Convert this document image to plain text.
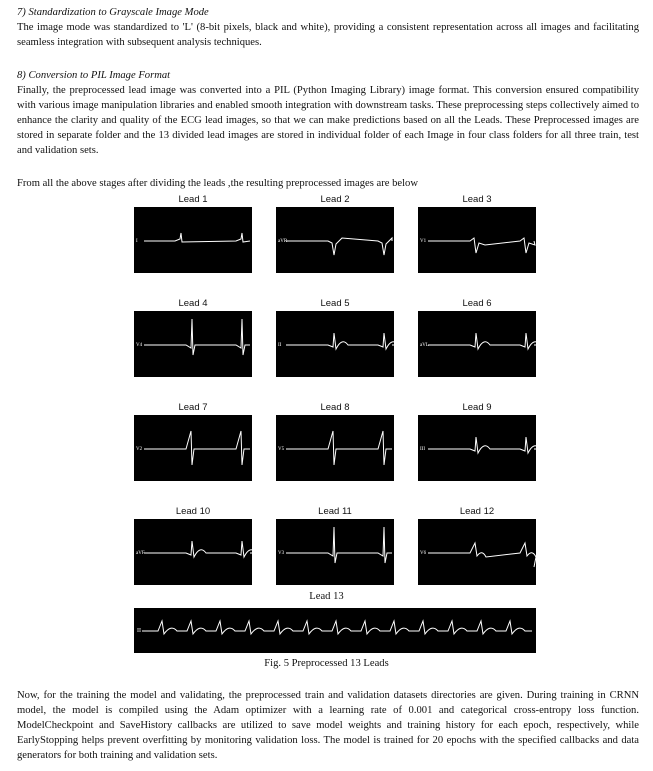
7) Standardization to Grayscale Image Mode
The image mode was standardized to 'L' (8-bit pixels, black and white), providing a consistent representation across all images and facilitating seamless integration with subsequent analysis techniques.
8) Conversion to PIL Image Format
Finally, the preprocessed lead image was converted into a PIL (Python Imaging Library) image format. This conversion ensured compatibility with various image manipulation libraries and enabled smooth integration with downstream tasks. These preprocessing steps collectively aimed to enhance the clarity and quality of the ECG lead images, so that we can make predictions based on all the Leads. These Preprocessed images are stored in separate folder and the 13 divided lead images are stored in individual folder of each Image in four class folders for all three train, test and validation sets.
From all the above stages after dividing the leads ,the resulting preprocessed images are below
Lead 1
I
Lead 2
aVR
Lead 3
V1
Lead 4
V4
Lead 5
II
Lead 6
aVL
Lead 7
V2
Lead 8
V5
Lead 9
III
Lead 10
aVF
Lead 11
V3
Lead 12
V6
Lead 13
II
Fig. 5 Preprocessed 13 Leads
Now, for the training the model and validating, the preprocessed train and validation datasets directories are given. During training in CRNN model, the model is compiled using the Adam optimizer with a learning rate of 0.001 and categorical cross-entropy loss function. ModelCheckpoint and SaveHistory callbacks are utilized to save model weights and training history for each epoch, respectively, while EarlyStopping helps prevent overfitting by monitoring validation loss. The model is trained for 20 epochs with the specified callbacks and data generators for both training and validation sets.
